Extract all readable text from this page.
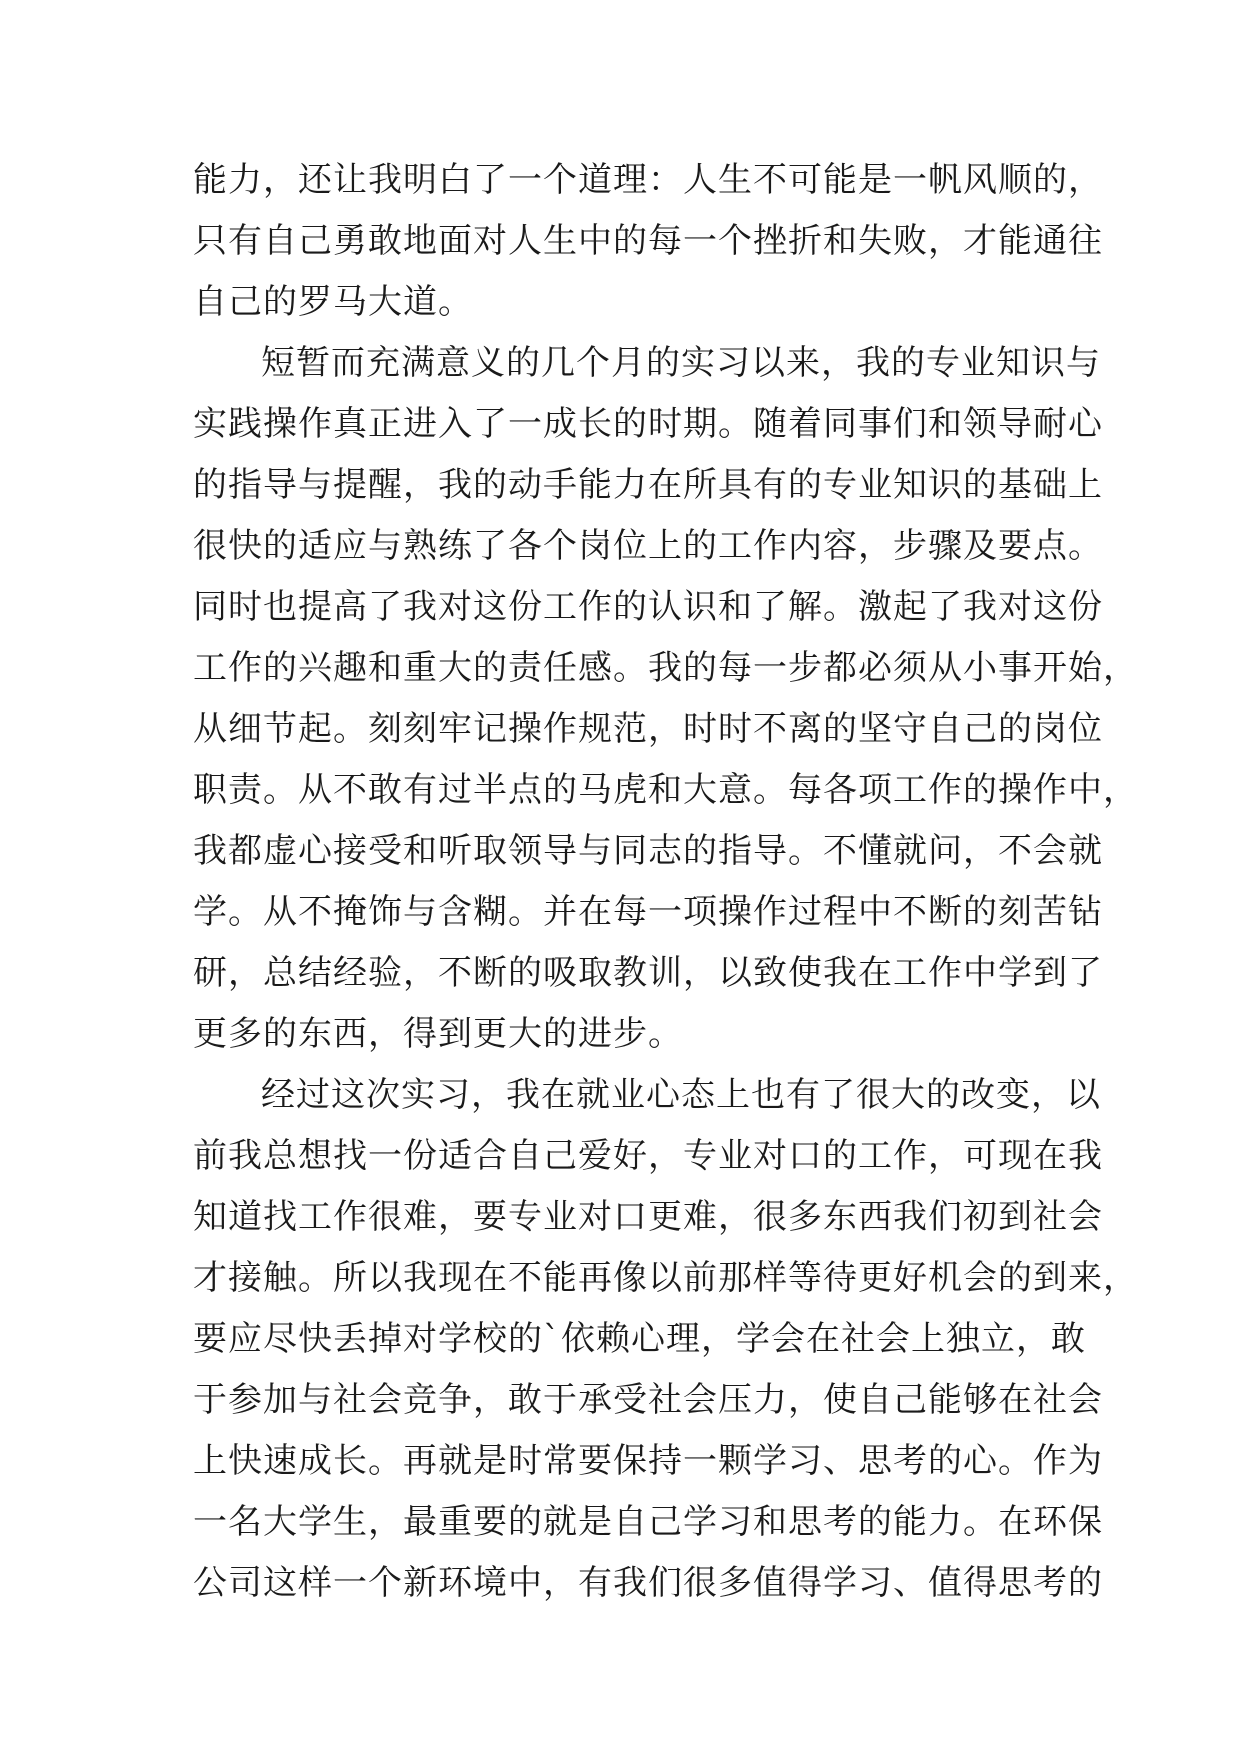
能力，还让我明白了一个道理：人生不可能是一帆风顺的，
只有自己勇敢地面对人生中的每一个挫折和失败，才能通往
自己的罗马大道。
短暂而充满意义的几个月的实习以来，我的专业知识与
实践操作真正进入了一成长的时期。随着同事们和领导耐心
的指导与提醒，我的动手能力在所具有的专业知识的基础上
很快的适应与熟练了各个岗位上的工作内容，步骤及要点。
同时也提高了我对这份工作的认识和了解。激起了我对这份
工作的兴趣和重大的责任感。我的每一步都必须从小事开始，
从细节起。刻刻牢记操作规范，时时不离的坚守自己的岗位
职责。从不敢有过半点的马虎和大意。每各项工作的操作中，
我都虚心接受和听取领导与同志的指导。不懂就问，不会就
学。从不掩饰与含糊。并在每一项操作过程中不断的刻苦钻
研，总结经验，不断的吸取教训，以致使我在工作中学到了
更多的东西，得到更大的进步。
经过这次实习，我在就业心态上也有了很大的改变，以
前我总想找一份适合自己爱好，专业对口的工作，可现在我
知道找工作很难，要专业对口更难，很多东西我们初到社会
才接触。所以我现在不能再像以前那样等待更好机会的到来，
要应尽快丢掉对学校的`依赖心理，学会在社会上独立，敢
于参加与社会竞争，敢于承受社会压力，使自己能够在社会
上快速成长。再就是时常要保持一颗学习、思考的心。作为
一名大学生，最重要的就是自己学习和思考的能力。在环保
公司这样一个新环境中，有我们很多值得学习、值得思考的
